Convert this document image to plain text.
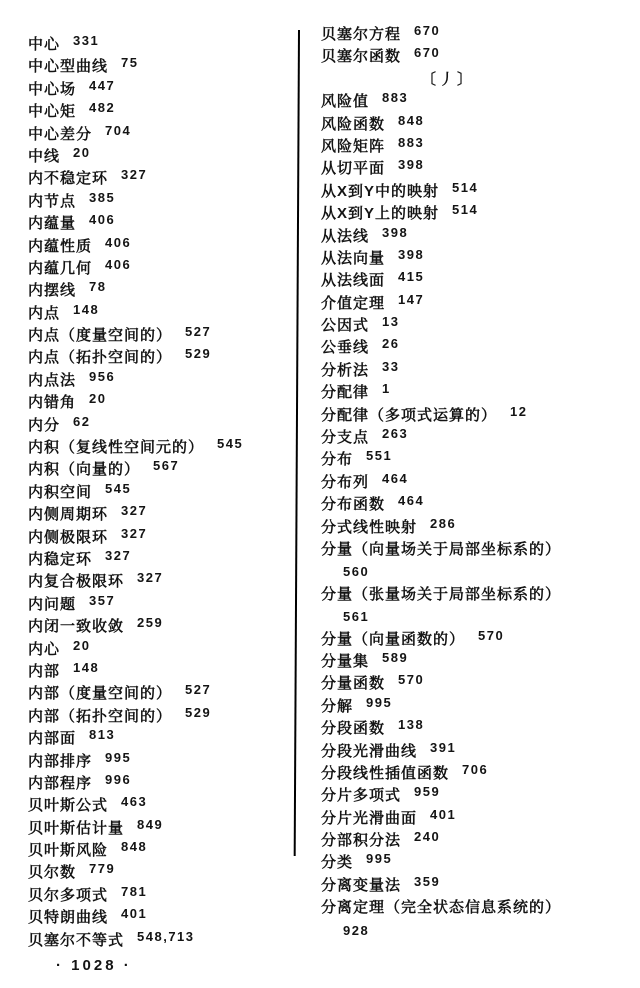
中心 331
中心型曲线 75
中心场 447
中心矩 482
中心差分 704
中线 20
内不稳定环 327
内节点 385
内蕴量 406
内蕴性质 406
内蕴几何 406
内摆线 78
内点 148
内点（度量空间的） 527
内点（拓扑空间的） 529
内点法 956
内错角 20
内分 62
内积（复线性空间元的） 545
内积（向量的） 567
内积空间 545
内侧周期环 327
内侧极限环 327
内稳定环 327
内复合极限环 327
内问题 357
内闭一致收敛 259
内心 20
内部 148
内部（度量空间的） 527
内部（拓扑空间的） 529
内部面 813
内部排序 995
内部程序 996
贝叶斯公式 463
贝叶斯估计量 849
贝叶斯风险 848
贝尔数 779
贝尔多项式 781
贝特朗曲线 401
贝塞尔不等式 548,713
贝塞尔方程 670
贝塞尔函数 670
〔丿〕
风险值 883
风险函数 848
风险矩阵 883
从切平面 398
从X到Y中的映射 514
从X到Y上的映射 514
从法线 398
从法向量 398
从法线面 415
介值定理 147
公因式 13
公垂线 26
分析法 33
分配律 1
分配律（多项式运算的） 12
分支点 263
分布 551
分布列 464
分布函数 464
分式线性映射 286
分量（向量场关于局部坐标系的）
560
分量（张量场关于局部坐标系的）
561
分量（向量函数的） 570
分量集 589
分量函数 570
分解 995
分段函数 138
分段光滑曲线 391
分段线性插值函数 706
分片多项式 959
分片光滑曲面 401
分部积分法 240
分类 995
分离变量法 359
分离定理（完全状态信息系统的）
928
· 1028 ·
